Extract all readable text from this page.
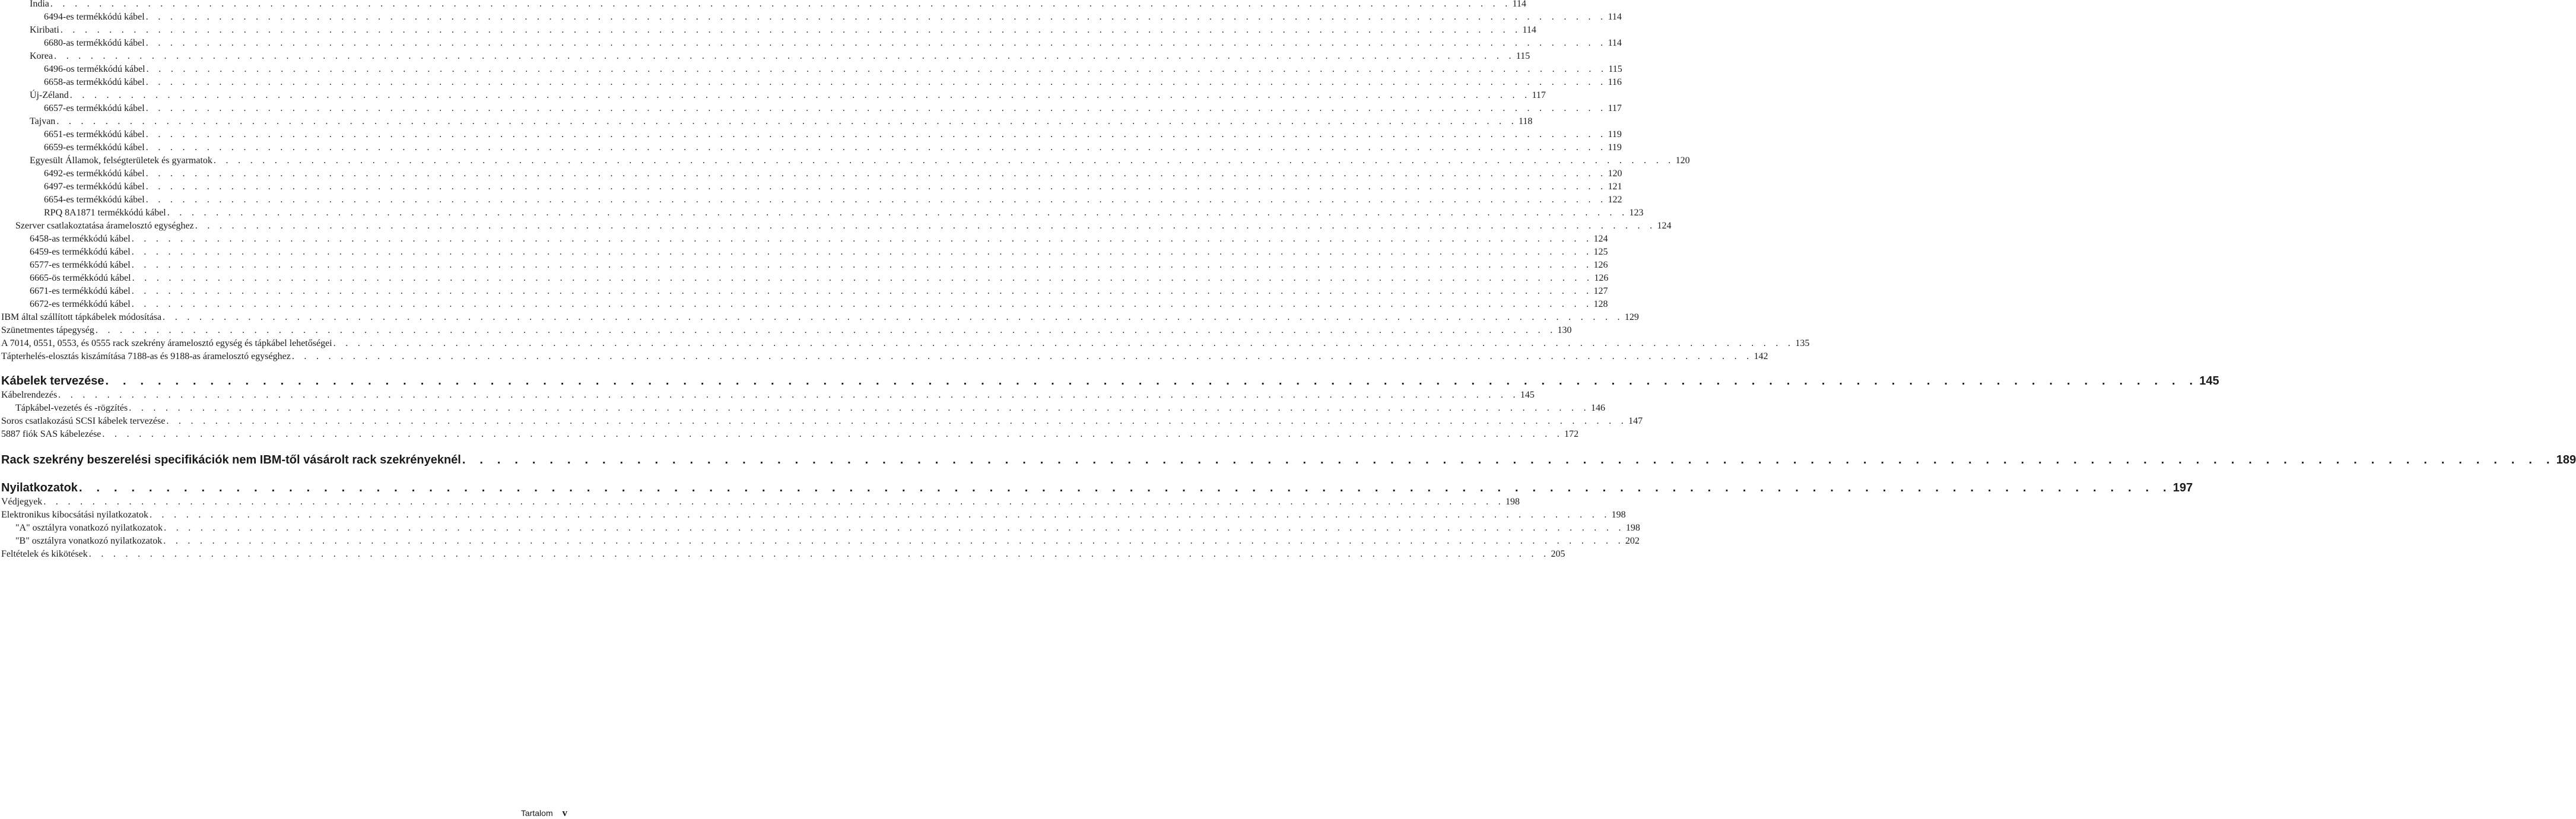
India . . . . . . . . . . . . . . . . . . . . . . . . . . . . . . . . . . . . . . . . . . . . . . . . . . . . . . . . . . . . . . . . . . . . . . . . . . . . . . . . . . . . . . . . . . . . . . . . . . . . . . . . . . . . . . . . . . . . . . . . 114
6494-es termékkódú kábel . . . . . . . . . . . . . . . . . . . . . . . . . . . . . . . . . . . . . . . . . . . . . . . . . . . . . . . . . . . . . . . . . . . . . . . . . . . . . . . . . . . . . . . . . . . . . . . . . . . . . . . . . . . . . . . . . . . . . . . . 114
Kiribati . . . . . . . . . . . . . . . . . . . . . . . . . . . . . . . . . . . . . . . . . . . . . . . . . . . . . . . . . . . . . . . . . . . . . . . . . . . . . . . . . . . . . . . . . . . . . . . . . . . . . . . . . . . . . . . . . . . . . . . . 114
6680-as termékkódú kábel . . . . . . . . . . . . . . . . . . . . . . . . . . . . . . . . . . . . . . . . . . . . . . . . . . . . . . . . . . . . . . . . . . . . . . . . . . . . . . . . . . . . . . . . . . . . . . . . . . . . . . . . . . . . . . . . . . . . . . . . 114
Korea . . . . . . . . . . . . . . . . . . . . . . . . . . . . . . . . . . . . . . . . . . . . . . . . . . . . . . . . . . . . . . . . . . . . . . . . . . . . . . . . . . . . . . . . . . . . . . . . . . . . . . . . . . . . . . . . . . . . . . . . 115
6496-os termékkódú kábel . . . . . . . . . . . . . . . . . . . . . . . . . . . . . . . . . . . . . . . . . . . . . . . . . . . . . . . . . . . . . . . . . . . . . . . . . . . . . . . . . . . . . . . . . . . . . . . . . . . . . . . . . . . . . . . . . . . . . . . . 115
6658-as termékkódú kábel . . . . . . . . . . . . . . . . . . . . . . . . . . . . . . . . . . . . . . . . . . . . . . . . . . . . . . . . . . . . . . . . . . . . . . . . . . . . . . . . . . . . . . . . . . . . . . . . . . . . . . . . . . . . . . . . . . . . . . . . 116
Új-Zéland . . . . . . . . . . . . . . . . . . . . . . . . . . . . . . . . . . . . . . . . . . . . . . . . . . . . . . . . . . . . . . . . . . . . . . . . . . . . . . . . . . . . . . . . . . . . . . . . . . . . . . . . . . . . . . . . . . . . . . . . 117
6657-es termékkódú kábel . . . . . . . . . . . . . . . . . . . . . . . . . . . . . . . . . . . . . . . . . . . . . . . . . . . . . . . . . . . . . . . . . . . . . . . . . . . . . . . . . . . . . . . . . . . . . . . . . . . . . . . . . . . . . . . . . . . . . . . . 117
Tajvan . . . . . . . . . . . . . . . . . . . . . . . . . . . . . . . . . . . . . . . . . . . . . . . . . . . . . . . . . . . . . . . . . . . . . . . . . . . . . . . . . . . . . . . . . . . . . . . . . . . . . . . . . . . . . . . . . . . . . . . . 118
6651-es termékkódú kábel . . . . . . . . . . . . . . . . . . . . . . . . . . . . . . . . . . . . . . . . . . . . . . . . . . . . . . . . . . . . . . . . . . . . . . . . . . . . . . . . . . . . . . . . . . . . . . . . . . . . . . . . . . . . . . . . . . . . . . . . 119
6659-es termékkódú kábel . . . . . . . . . . . . . . . . . . . . . . . . . . . . . . . . . . . . . . . . . . . . . . . . . . . . . . . . . . . . . . . . . . . . . . . . . . . . . . . . . . . . . . . . . . . . . . . . . . . . . . . . . . . . . . . . . . . . . . . . 119
Egyesült Államok, felségterületek és gyarmatok . . . . . . . . . . . . . . . . . . . . . . . . . . . . . . . . . . . . . . . . . . . . . . . . . . . . . . . . . . . . . . . . . . . . . . . . . . . . . . . . . . . . . . . . . . . . . . . . . . . . . . . . . . . . . . . . . . . . . . . . 120
6492-es termékkódú kábel . . . . . . . . . . . . . . . . . . . . . . . . . . . . . . . . . . . . . . . . . . . . . . . . . . . . . . . . . . . . . . . . . . . . . . . . . . . . . . . . . . . . . . . . . . . . . . . . . . . . . . . . . . . . . . . . . . . . . . . . 120
6497-es termékkódú kábel . . . . . . . . . . . . . . . . . . . . . . . . . . . . . . . . . . . . . . . . . . . . . . . . . . . . . . . . . . . . . . . . . . . . . . . . . . . . . . . . . . . . . . . . . . . . . . . . . . . . . . . . . . . . . . . . . . . . . . . . 121
6654-es termékkódú kábel . . . . . . . . . . . . . . . . . . . . . . . . . . . . . . . . . . . . . . . . . . . . . . . . . . . . . . . . . . . . . . . . . . . . . . . . . . . . . . . . . . . . . . . . . . . . . . . . . . . . . . . . . . . . . . . . . . . . . . . . 122
RPQ 8A1871 termékkódú kábel . . . . . . . . . . . . . . . . . . . . . . . . . . . . . . . . . . . . . . . . . . . . . . . . . . . . . . . . . . . . . . . . . . . . . . . . . . . . . . . . . . . . . . . . . . . . . . . . . . . . . . . . . . . . . . . . . . . . . . . . 123
Szerver csatlakoztatása áramelosztó egységhez . . . . . . . . . . . . . . . . . . . . . . . . . . . . . . . . . . . . . . . . . . . . . . . . . . . . . . . . . . . . . . . . . . . . . . . . . . . . . . . . . . . . . . . . . . . . . . . . . . . . . . . . . . . . . . . . . . . . . . . . 124
6458-as termékkódú kábel . . . . . . . . . . . . . . . . . . . . . . . . . . . . . . . . . . . . . . . . . . . . . . . . . . . . . . . . . . . . . . . . . . . . . . . . . . . . . . . . . . . . . . . . . . . . . . . . . . . . . . . . . . . . . . . . . . . . . . . . 124
6459-es termékkódú kábel . . . . . . . . . . . . . . . . . . . . . . . . . . . . . . . . . . . . . . . . . . . . . . . . . . . . . . . . . . . . . . . . . . . . . . . . . . . . . . . . . . . . . . . . . . . . . . . . . . . . . . . . . . . . . . . . . . . . . . . . 125
6577-es termékkódú kábel . . . . . . . . . . . . . . . . . . . . . . . . . . . . . . . . . . . . . . . . . . . . . . . . . . . . . . . . . . . . . . . . . . . . . . . . . . . . . . . . . . . . . . . . . . . . . . . . . . . . . . . . . . . . . . . . . . . . . . . . 126
6665-ös termékkódú kábel . . . . . . . . . . . . . . . . . . . . . . . . . . . . . . . . . . . . . . . . . . . . . . . . . . . . . . . . . . . . . . . . . . . . . . . . . . . . . . . . . . . . . . . . . . . . . . . . . . . . . . . . . . . . . . . . . . . . . . . . 126
6671-es termékkódú kábel . . . . . . . . . . . . . . . . . . . . . . . . . . . . . . . . . . . . . . . . . . . . . . . . . . . . . . . . . . . . . . . . . . . . . . . . . . . . . . . . . . . . . . . . . . . . . . . . . . . . . . . . . . . . . . . . . . . . . . . . 127
6672-es termékkódú kábel . . . . . . . . . . . . . . . . . . . . . . . . . . . . . . . . . . . . . . . . . . . . . . . . . . . . . . . . . . . . . . . . . . . . . . . . . . . . . . . . . . . . . . . . . . . . . . . . . . . . . . . . . . . . . . . . . . . . . . . . 128
IBM által szállított tápkábelek módosítása . . . . . . . . . . . . . . . . . . . . . . . . . . . . . . . . . . . . . . . . . . . . . . . . . . . . . . . . . . . . . . . . . . . . . . . . . . . . . . . . . . . . . . . . . . . . . . . . . . . . . . . . . . . . . . . . . . . . . . . . 129
Szünetmentes tápegység . . . . . . . . . . . . . . . . . . . . . . . . . . . . . . . . . . . . . . . . . . . . . . . . . . . . . . . . . . . . . . . . . . . . . . . . . . . . . . . . . . . . . . . . . . . . . . . . . . . . . . . . . . . . . . . . . . . . . . . . 130
A 7014, 0551, 0553, és 0555 rack szekrény áramelosztó egység és tápkábel lehetőségei . . . . . . . . . . . . . . . . . . . . . . . . . . . . . . . . . . . . . . . . . . . . . . . . . . . . . . . . . . . . . . . . . . . . . . . . . . . . . . . . . . . . . . . . . . . . . . . . . . . . . . . . . . . . . . . . . . . . . . . . 135
Tápterhelés-elosztás kiszámítása 7188-as és 9188-as áramelosztó egységhez . . . . . . . . . . . . . . . . . . . . . . . . . . . . . . . . . . . . . . . . . . . . . . . . . . . . . . . . . . . . . . . . . . . . . . . . . . . . . . . . . . . . . . . . . . . . . . . . . . . . . . . . . . . . . . . . . . . . . . . . 142
Kábelek tervezése . . . . . . . . . . . . . . . . . . . . . . . . . . . . . . . . . . . . . . . . . . . . . . . . . . . . . . . . . . . . . . . . . . . . . . . . . . . . . . . . . . . . . . . . . . . . . . . . . . . . . . . . . . . . . . . . . . . . . . . . 145
Kábelrendezés . . . . . . . . . . . . . . . . . . . . . . . . . . . . . . . . . . . . . . . . . . . . . . . . . . . . . . . . . . . . . . . . . . . . . . . . . . . . . . . . . . . . . . . . . . . . . . . . . . . . . . . . . . . . . . . . . . . . . . . . 145
Tápkábel-vezetés és -rögzítés . . . . . . . . . . . . . . . . . . . . . . . . . . . . . . . . . . . . . . . . . . . . . . . . . . . . . . . . . . . . . . . . . . . . . . . . . . . . . . . . . . . . . . . . . . . . . . . . . . . . . . . . . . . . . . . . . . . . . . . . 146
Soros csatlakozású SCSI kábelek tervezése . . . . . . . . . . . . . . . . . . . . . . . . . . . . . . . . . . . . . . . . . . . . . . . . . . . . . . . . . . . . . . . . . . . . . . . . . . . . . . . . . . . . . . . . . . . . . . . . . . . . . . . . . . . . . . . . . . . . . . . . 147
5887 fiók SAS kábelezése . . . . . . . . . . . . . . . . . . . . . . . . . . . . . . . . . . . . . . . . . . . . . . . . . . . . . . . . . . . . . . . . . . . . . . . . . . . . . . . . . . . . . . . . . . . . . . . . . . . . . . . . . . . . . . . . . . . . . . . . 172
Rack szekrény beszerelési specifikációk nem IBM-től vásárolt rack szekrényeknél . . . . . . . . . . . . . . . . . . . . . . . . . . . . . . . . . . . . . . . . . . . . . . . . . . . . . . . . . . . . . . . . . . . . . . . . . . . . . . . . . . . . . . . . . . . . . . . . . . . . . . . . . . . . . . . . . . . . . . . . 189
Nyilatkozatok . . . . . . . . . . . . . . . . . . . . . . . . . . . . . . . . . . . . . . . . . . . . . . . . . . . . . . . . . . . . . . . . . . . . . . . . . . . . . . . . . . . . . . . . . . . . . . . . . . . . . . . . . . . . . . . . . . . . . . . . 197
Védjegyek . . . . . . . . . . . . . . . . . . . . . . . . . . . . . . . . . . . . . . . . . . . . . . . . . . . . . . . . . . . . . . . . . . . . . . . . . . . . . . . . . . . . . . . . . . . . . . . . . . . . . . . . . . . . . . . . . . . . . . . . 198
Elektronikus kibocsátási nyilatkozatok . . . . . . . . . . . . . . . . . . . . . . . . . . . . . . . . . . . . . . . . . . . . . . . . . . . . . . . . . . . . . . . . . . . . . . . . . . . . . . . . . . . . . . . . . . . . . . . . . . . . . . . . . . . . . . . . . . . . . . . . 198
"A" osztályra vonatkozó nyilatkozatok . . . . . . . . . . . . . . . . . . . . . . . . . . . . . . . . . . . . . . . . . . . . . . . . . . . . . . . . . . . . . . . . . . . . . . . . . . . . . . . . . . . . . . . . . . . . . . . . . . . . . . . . . . . . . . . . . . . . . . . . 198
"B" osztályra vonatkozó nyilatkozatok . . . . . . . . . . . . . . . . . . . . . . . . . . . . . . . . . . . . . . . . . . . . . . . . . . . . . . . . . . . . . . . . . . . . . . . . . . . . . . . . . . . . . . . . . . . . . . . . . . . . . . . . . . . . . . . . . . . . . . . . 202
Feltételek és kikötések . . . . . . . . . . . . . . . . . . . . . . . . . . . . . . . . . . . . . . . . . . . . . . . . . . . . . . . . . . . . . . . . . . . . . . . . . . . . . . . . . . . . . . . . . . . . . . . . . . . . . . . . . . . . . . . . . . . . . . . . 205
Tartalom v
